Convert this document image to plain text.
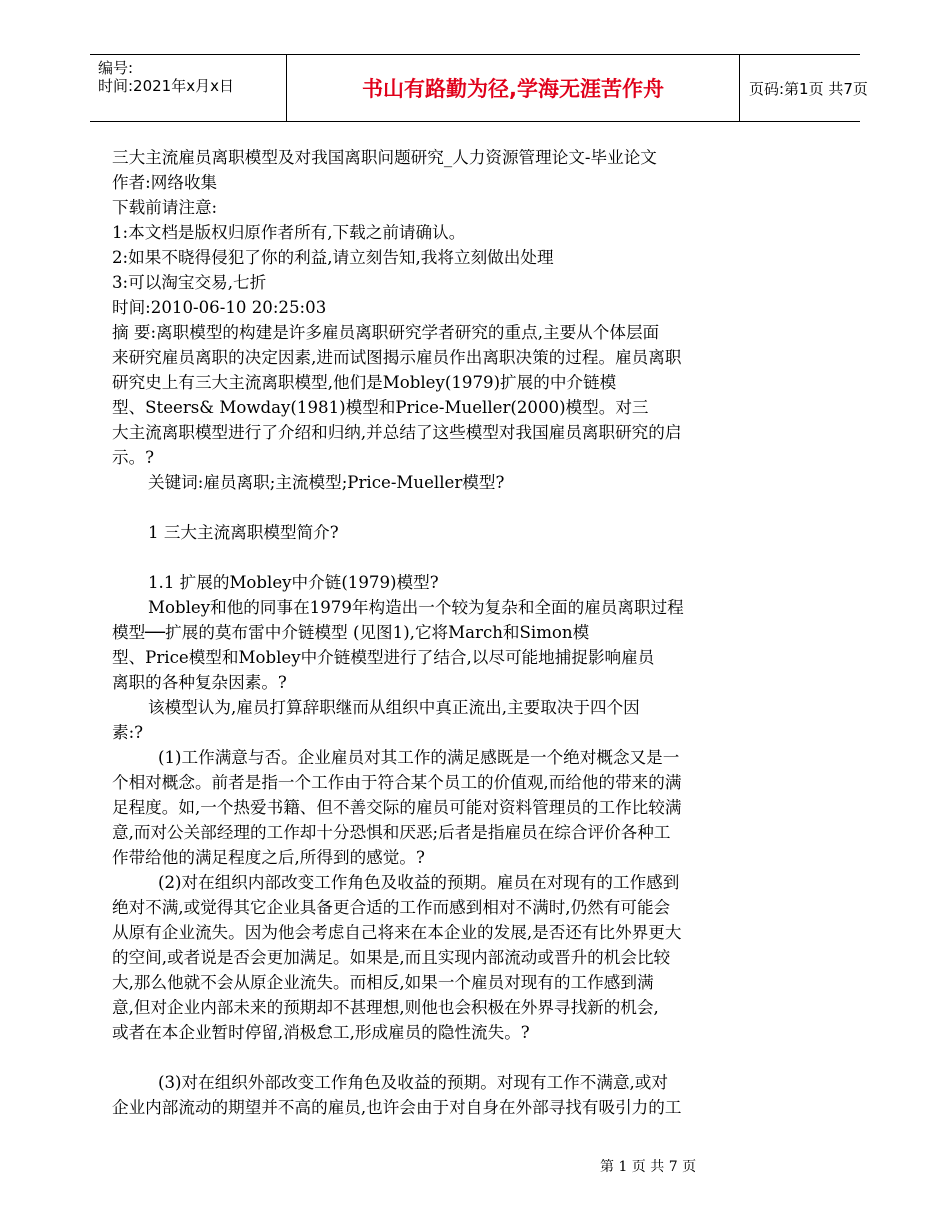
编号:
时间:2021年x月x日	书山有路勤为径,学海无涯苦作舟	页码:第1页 共7页

三大主流雇员离职模型及对我国离职问题研究_人力资源管理论文-毕业论文

作者:网络收集

下载前请注意:

1:本文档是版权归原作者所有,下载之前请确认。

2:如果不晓得侵犯了你的利益,请立刻告知,我将立刻做出处理

3:可以淘宝交易,七折

时间:2010-06-10 20:25:03

摘 要:离职模型的构建是许多雇员离职研究学者研究的重点,主要从个体层面

来研究雇员离职的决定因素,进而试图揭示雇员作出离职决策的过程。雇员离职

研究史上有三大主流离职模型,他们是Mobley(1979)扩展的中介链模

型、Steers& Mowday(1981)模型和Price-Mueller(2000)模型。对三

大主流离职模型进行了介绍和归纳,并总结了这些模型对我国雇员离职研究的启

示。?

关键词:雇员离职;主流模型;Price-Mueller模型?

1 三大主流离职模型简介?

1.1 扩展的Mobley中介链(1979)模型?

Mobley和他的同事在1979年构造出一个较为复杂和全面的雇员离职过程

模型──扩展的莫布雷中介链模型 (见图1),它将March和Simon模

型、Price模型和Mobley中介链模型进行了结合,以尽可能地捕捉影响雇员

离职的各种复杂因素。?

该模型认为,雇员打算辞职继而从组织中真正流出,主要取决于四个因

素:?

(1)工作满意与否。企业雇员对其工作的满足感既是一个绝对概念又是一

个相对概念。前者是指一个工作由于符合某个员工的价值观,而给他的带来的满

足程度。如,一个热爱书籍、但不善交际的雇员可能对资料管理员的工作比较满

意,而对公关部经理的工作却十分恐惧和厌恶;后者是指雇员在综合评价各种工

作带给他的满足程度之后,所得到的感觉。?

(2)对在组织内部改变工作角色及收益的预期。雇员在对现有的工作感到

绝对不满,或觉得其它企业具备更合适的工作而感到相对不满时,仍然有可能会

从原有企业流失。因为他会考虑自己将来在本企业的发展,是否还有比外界更大

的空间,或者说是否会更加满足。如果是,而且实现内部流动或晋升的机会比较

大,那么他就不会从原企业流失。而相反,如果一个雇员对现有的工作感到满

意,但对企业内部未来的预期却不甚理想,则他也会积极在外界寻找新的机会,

或者在本企业暂时停留,消极怠工,形成雇员的隐性流失。?

(3)对在组织外部改变工作角色及收益的预期。对现有工作不满意,或对

企业内部流动的期望并不高的雇员,也许会由于对自身在外部寻找有吸引力的工

第 1 页 共 7 页
